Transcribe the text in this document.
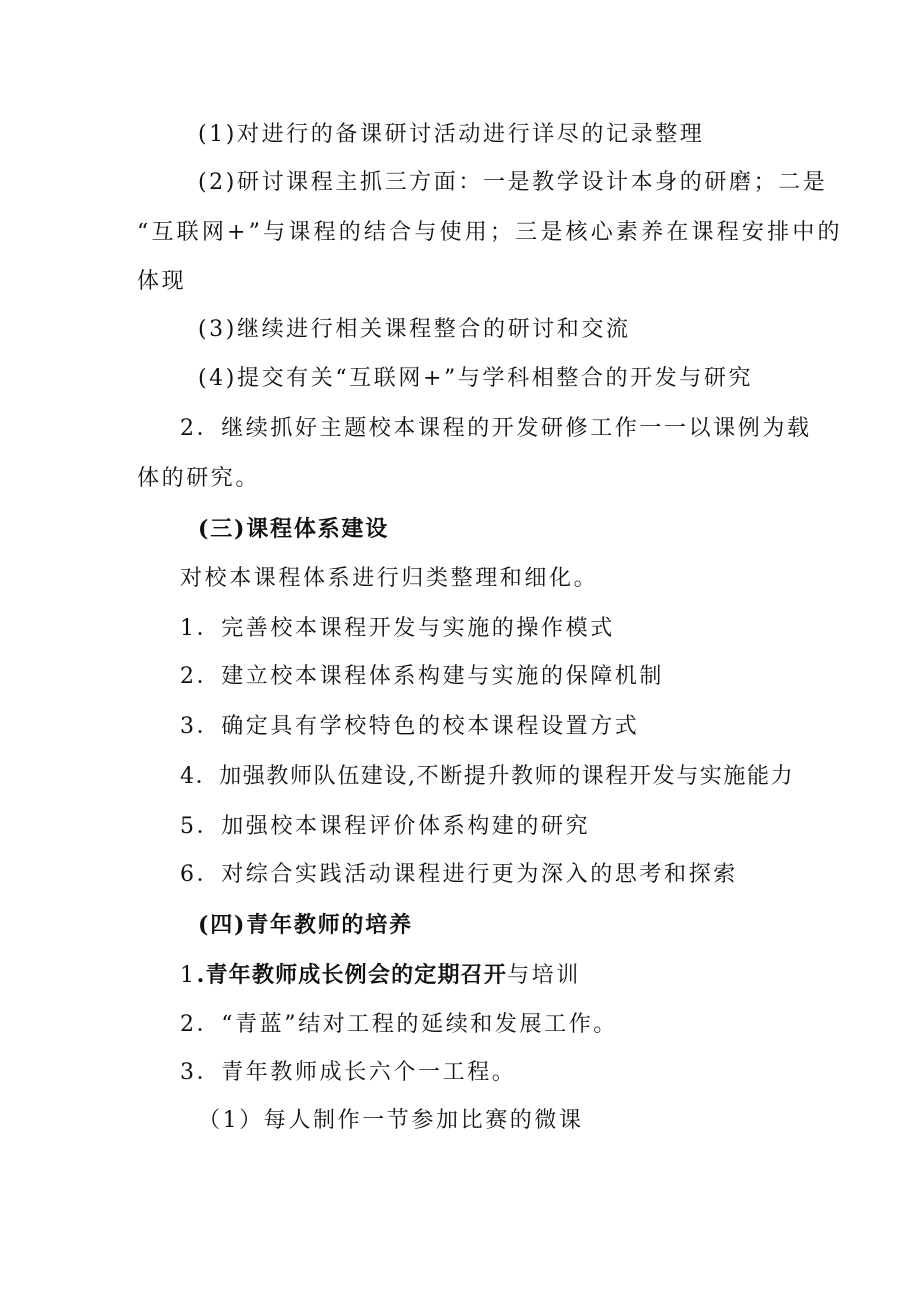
(1)对进行的备课研讨活动进行详尽的记录整理
(2)研讨课程主抓三方面：一是教学设计本身的研磨；二是
“互联网+”与课程的结合与使用；三是核心素养在课程安排中的
体现
(3)继续进行相关课程整合的研讨和交流
(4)提交有关“互联网+”与学科相整合的开发与研究
2．继续抓好主题校本课程的开发研修工作一一以课例为载
体的研究。
(三)课程体系建设
对校本课程体系进行归类整理和细化。
1．完善校本课程开发与实施的操作模式
2．建立校本课程体系构建与实施的保障机制
3．确定具有学校特色的校本课程设置方式
4．加强教师队伍建设,不断提升教师的课程开发与实施能力
5．加强校本课程评价体系构建的研究
6．对综合实践活动课程进行更为深入的思考和探索
(四)青年教师的培养
1.青年教师成长例会的定期召开与培训
2．“青蓝”结对工程的延续和发展工作。
3．青年教师成长六个一工程。
（1）每人制作一节参加比赛的微课
